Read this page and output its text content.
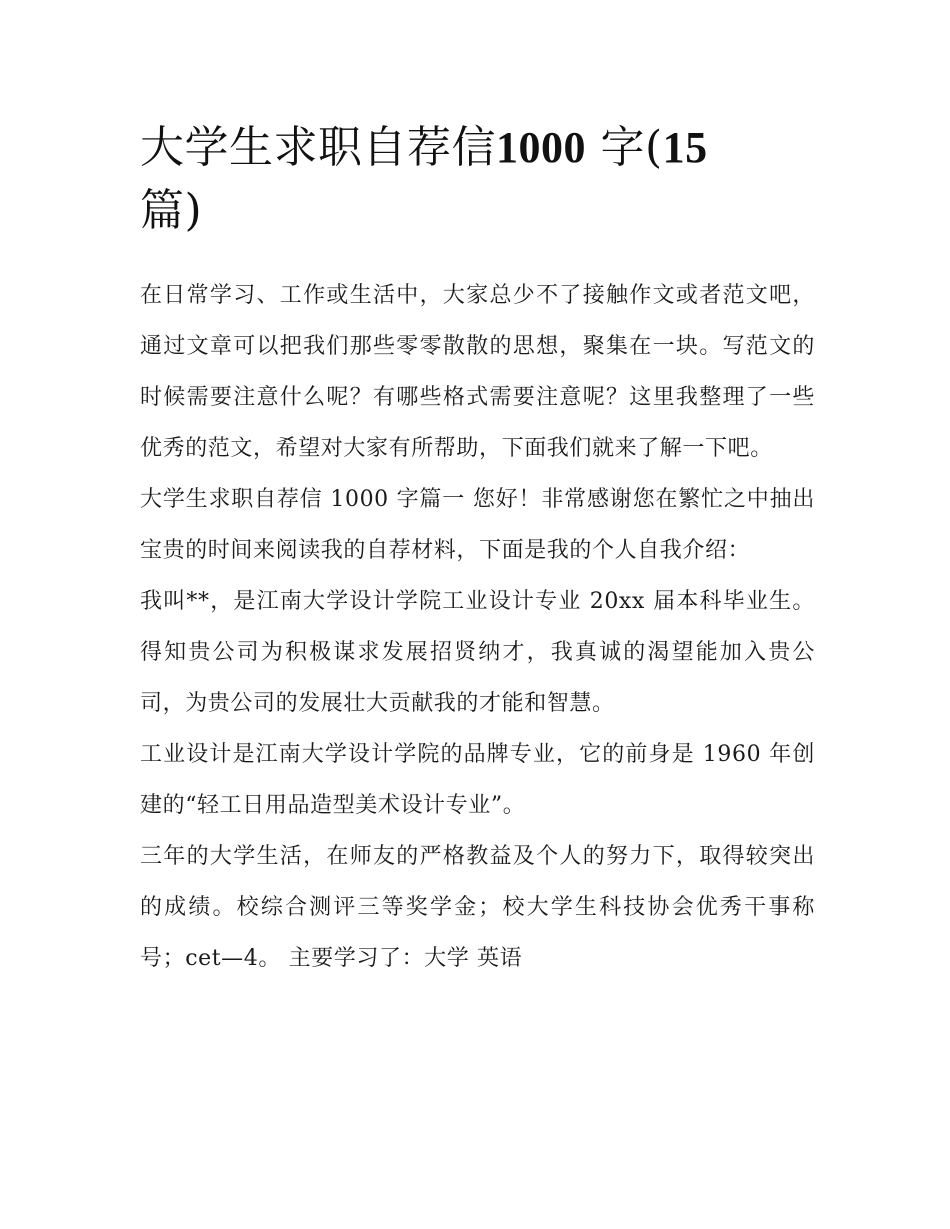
大学生求职自荐信1000 字(15
篇)

在日常学习、工作或生活中，大家总少不了接触作文或者范文吧，通过文章可以把我们那些零零散散的思想，聚集在一块。写范文的时候需要注意什么呢？有哪些格式需要注意呢？这里我整理了一些优秀的范文，希望对大家有所帮助，下面我们就来了解一下吧。

大学生求职自荐信 1000 字篇一 您好！非常感谢您在繁忙之中抽出宝贵的时间来阅读我的自荐材料，下面是我的个人自我介绍：

我叫**，是江南大学设计学院工业设计专业 20xx 届本科毕业生。得知贵公司为积极谋求发展招贤纳才，我真诚的渴望能加入贵公司，为贵公司的发展壮大贡献我的才能和智慧。

工业设计是江南大学设计学院的品牌专业，它的前身是 1960 年创建的“轻工日用品造型美术设计专业”。

三年的大学生活，在师友的严格教益及个人的努力下，取得较突出的成绩。校综合测评三等奖学金；校大学生科技协会优秀干事称号；cet—4。 主要学习了：大学 英语
